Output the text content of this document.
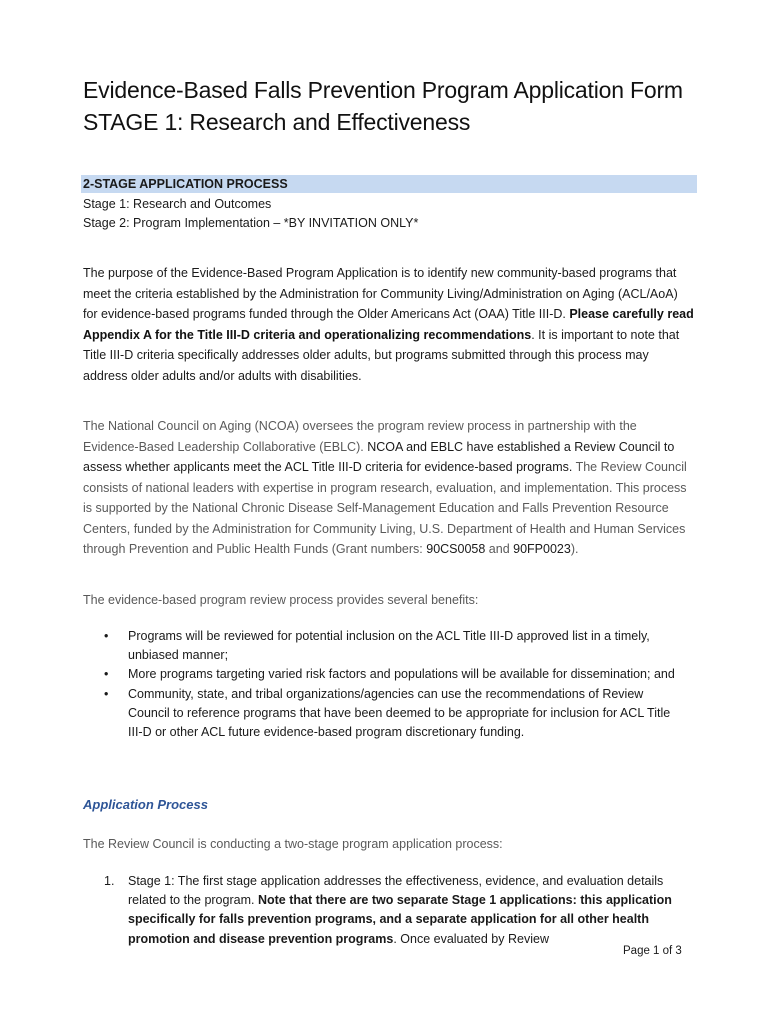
Evidence-Based Falls Prevention Program Application Form
STAGE 1: Research and Effectiveness
2-STAGE APPLICATION PROCESS
Stage 1: Research and Outcomes
Stage 2: Program Implementation – *BY INVITATION ONLY*
The purpose of the Evidence-Based Program Application is to identify new community-based programs that meet the criteria established by the Administration for Community Living/Administration on Aging (ACL/AoA) for evidence-based programs funded through the Older Americans Act (OAA) Title III-D. Please carefully read Appendix A for the Title III-D criteria and operationalizing recommendations. It is important to note that Title III-D criteria specifically addresses older adults, but programs submitted through this process may address older adults and/or adults with disabilities.
The National Council on Aging (NCOA) oversees the program review process in partnership with the Evidence-Based Leadership Collaborative (EBLC). NCOA and EBLC have established a Review Council to assess whether applicants meet the ACL Title III-D criteria for evidence-based programs. The Review Council consists of national leaders with expertise in program research, evaluation, and implementation. This process is supported by the National Chronic Disease Self-Management Education and Falls Prevention Resource Centers, funded by the Administration for Community Living, U.S. Department of Health and Human Services through Prevention and Public Health Funds (Grant numbers: 90CS0058 and 90FP0023).
The evidence-based program review process provides several benefits:
• Programs will be reviewed for potential inclusion on the ACL Title III-D approved list in a timely, unbiased manner;
• More programs targeting varied risk factors and populations will be available for dissemination; and
• Community, state, and tribal organizations/agencies can use the recommendations of Review Council to reference programs that have been deemed to be appropriate for inclusion for ACL Title III-D or other ACL future evidence-based program discretionary funding.
Application Process
The Review Council is conducting a two-stage program application process:
1. Stage 1: The first stage application addresses the effectiveness, evidence, and evaluation details related to the program. Note that there are two separate Stage 1 applications: this application specifically for falls prevention programs, and a separate application for all other health promotion and disease prevention programs. Once evaluated by Review
Page 1 of 3
